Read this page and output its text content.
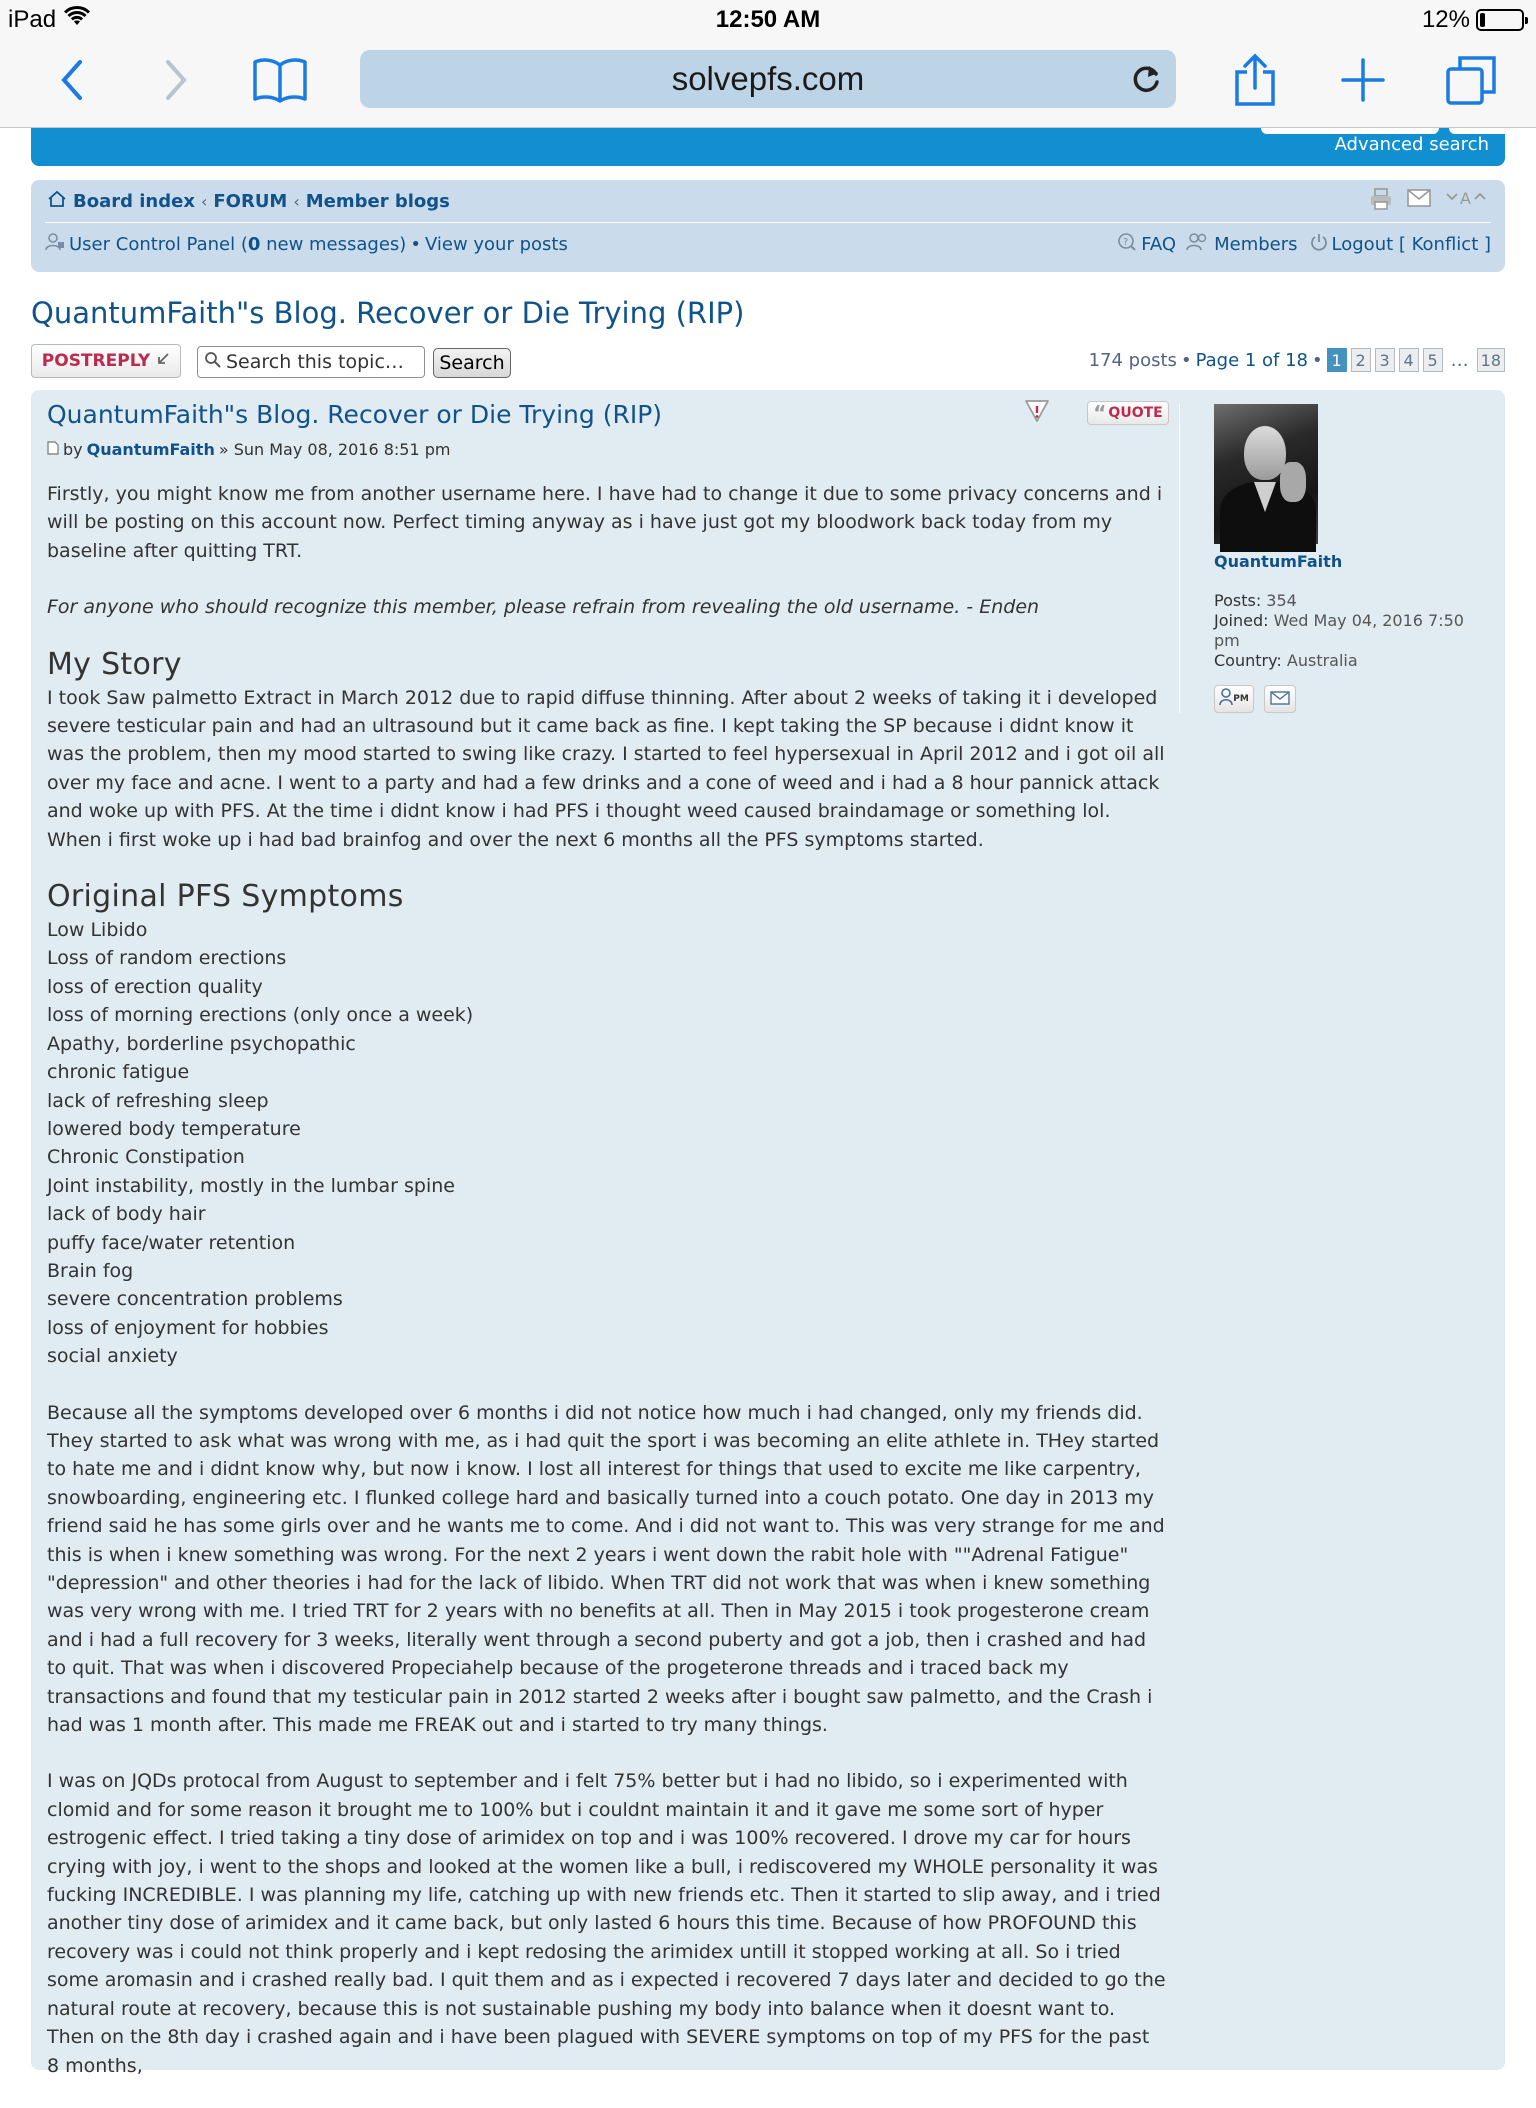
iPad	12:50 AM	12%
solvepfs.com
Advanced search
Board index ‹ FORUM ‹ Member blogs	A
User Control Panel (0 new messages) • View your posts	? FAQ Members Logout [ Konflict ]
QuantumFaith"s Blog. Recover or Die Trying (RIP)
POSTREPLY	Search this topic…	Search	174 posts • Page 1 of 18 • 1 2 3 4 5 … 18
QuantumFaith"s Blog. Recover or Die Trying (RIP)	“ QUOTE
by QuantumFaith » Sun May 08, 2016 8:51 pm

Firstly, you might know me from another username here. I have had to change it due to some privacy concerns and i will be posting on this account now. Perfect timing anyway as i have just got my bloodwork back today from my baseline after quitting TRT.

For anyone who should recognize this member, please refrain from revealing the old username. - Enden

My Story

I took Saw palmetto Extract in March 2012 due to rapid diffuse thinning. After about 2 weeks of taking it i developed severe testicular pain and had an ultrasound but it came back as fine. I kept taking the SP because i didnt know it was the problem, then my mood started to swing like crazy. I started to feel hypersexual in April 2012 and i got oil all over my face and acne. I went to a party and had a few drinks and a cone of weed and i had a 8 hour pannick attack and woke up with PFS. At the time i didnt know i had PFS i thought weed caused braindamage or something lol. When i first woke up i had bad brainfog and over the next 6 months all the PFS symptoms started.

Original PFS Symptoms
Low Libido
Loss of random erections
loss of erection quality
loss of morning erections (only once a week)
Apathy, borderline psychopathic
chronic fatigue
lack of refreshing sleep
lowered body temperature
Chronic Constipation
Joint instability, mostly in the lumbar spine
lack of body hair
puffy face/water retention
Brain fog
severe concentration problems
loss of enjoyment for hobbies
social anxiety

Because all the symptoms developed over 6 months i did not notice how much i had changed, only my friends did. They started to ask what was wrong with me, as i had quit the sport i was becoming an elite athlete in. THey started to hate me and i didnt know why, but now i know. I lost all interest for things that used to excite me like carpentry, snowboarding, engineering etc. I flunked college hard and basically turned into a couch potato. One day in 2013 my friend said he has some girls over and he wants me to come. And i did not want to. This was very strange for me and this is when i knew something was wrong. For the next 2 years i went down the rabit hole with ""Adrenal Fatigue" "depression" and other theories i had for the lack of libido. When TRT did not work that was when i knew something was very wrong with me. I tried TRT for 2 years with no benefits at all. Then in May 2015 i took progesterone cream and i had a full recovery for 3 weeks, literally went through a second puberty and got a job, then i crashed and had to quit. That was when i discovered Propeciahelp because of the progeterone threads and i traced back my transactions and found that my testicular pain in 2012 started 2 weeks after i bought saw palmetto, and the Crash i had was 1 month after. This made me FREAK out and i started to try many things.

I was on JQDs protocal from August to september and i felt 75% better but i had no libido, so i experimented with clomid and for some reason it brought me to 100% but i couldnt maintain it and it gave me some sort of hyper estrogenic effect. I tried taking a tiny dose of arimidex on top and i was 100% recovered. I drove my car for hours crying with joy, i went to the shops and looked at the women like a bull, i rediscovered my WHOLE personality it was fucking INCREDIBLE. I was planning my life, catching up with new friends etc. Then it started to slip away, and i tried another tiny dose of arimidex and it came back, but only lasted 6 hours this time. Because of how PROFOUND this recovery was i could not think properly and i kept redosing the arimidex untill it stopped working at all. So i tried some aromasin and i crashed really bad. I quit them and as i expected i recovered 7 days later and decided to go the natural route at recovery, because this is not sustainable pushing my body into balance when it doesnt want to. Then on the 8th day i crashed again and i have been plagued with SEVERE symptoms on top of my PFS for the past 8 months,

QuantumFaith
Posts: 354
Joined: Wed May 04, 2016 7:50 pm
Country: Australia
PM
